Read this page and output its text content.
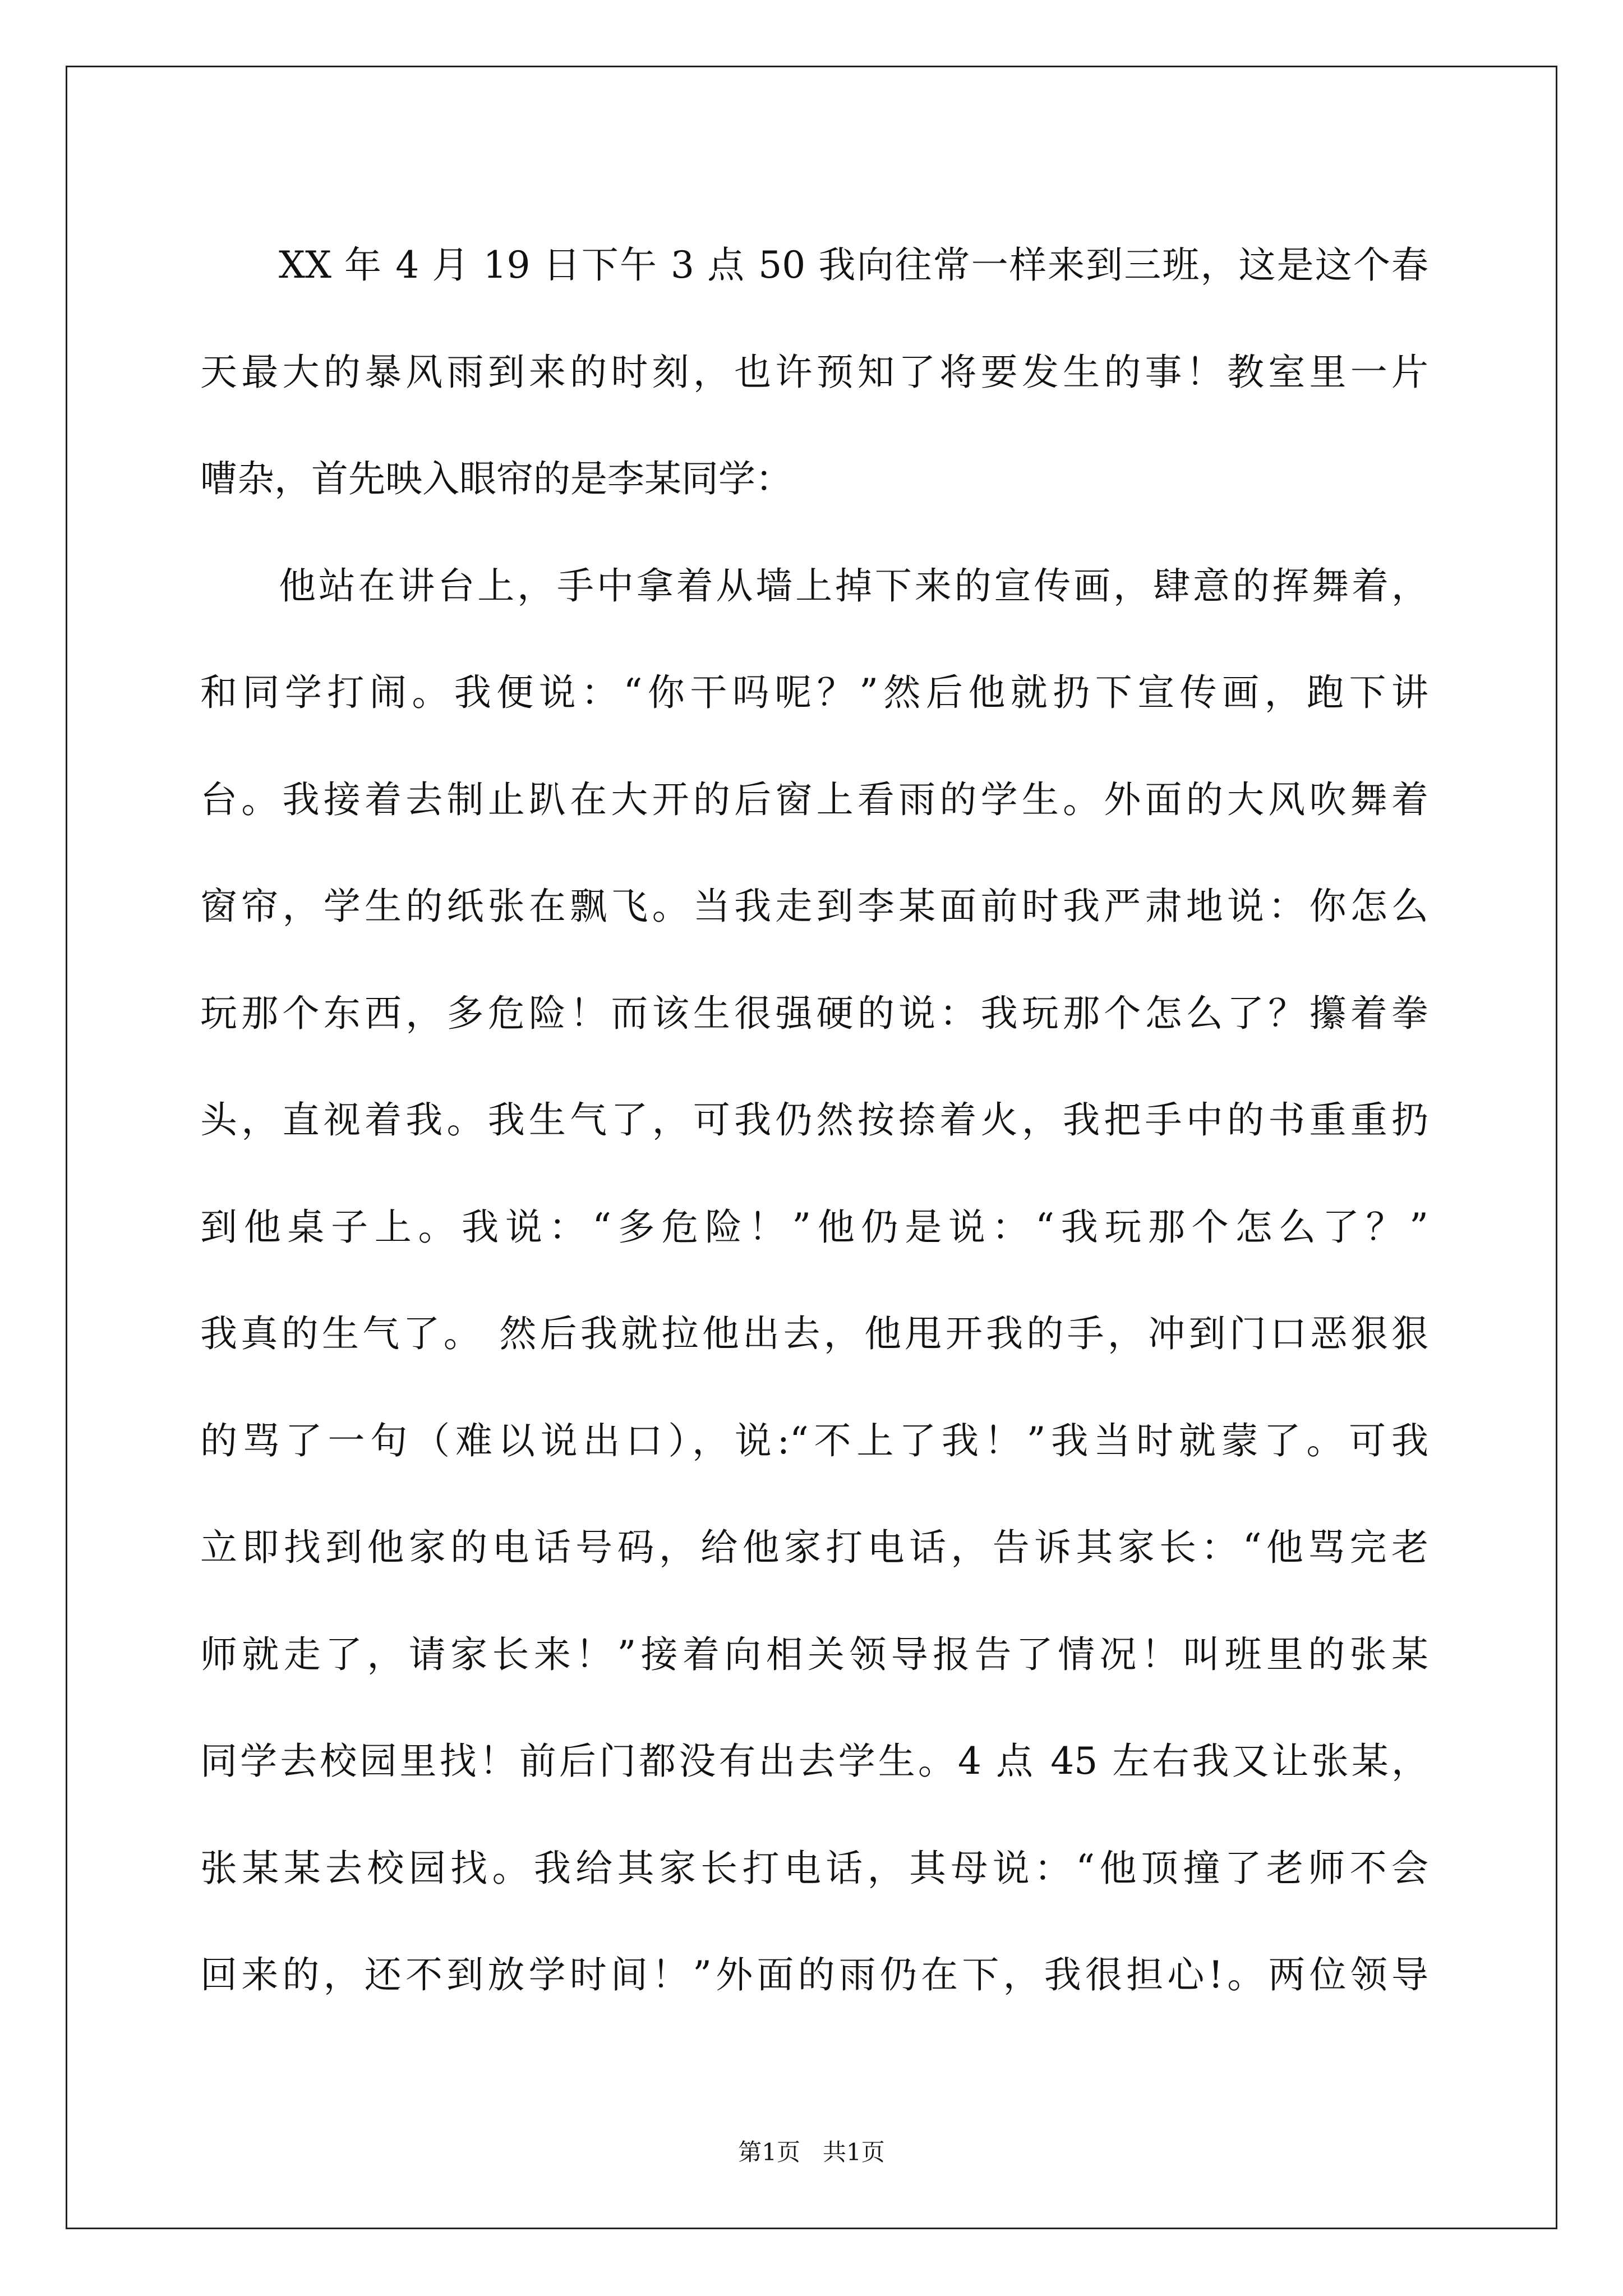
XX 年 4 月 19 日下午 3 点 50 我向往常一样来到三班，这是这个春
天最大的暴风雨到来的时刻，也许预知了将要发生的事！教室里一片
嘈杂，首先映入眼帘的是李某同学：
他站在讲台上，手中拿着从墙上掉下来的宣传画，肆意的挥舞着，
和同学打闹。我便说：“你干吗呢？”然后他就扔下宣传画，跑下讲
台。我接着去制止趴在大开的后窗上看雨的学生。外面的大风吹舞着
窗帘，学生的纸张在飘飞。当我走到李某面前时我严肃地说：你怎么
玩那个东西，多危险！而该生很强硬的说：我玩那个怎么了？攥着拳
头，直视着我。我生气了，可我仍然按捺着火，我把手中的书重重扔
到他桌子上。我说：“多危险！”他仍是说：“我玩那个怎么了？”
我真的生气了。 然后我就拉他出去，他甩开我的手，冲到门口恶狠狠
的骂了一句（难以说出口），说:“不上了我！”我当时就蒙了。可我
立即找到他家的电话号码，给他家打电话，告诉其家长：“他骂完老
师就走了，请家长来！”接着向相关领导报告了情况！叫班里的张某
同学去校园里找！前后门都没有出去学生。4 点 45 左右我又让张某，
张某某去校园找。我给其家长打电话，其母说：“他顶撞了老师不会
回来的，还不到放学时间！”外面的雨仍在下，我很担心!。两位领导
第1页   共1页
